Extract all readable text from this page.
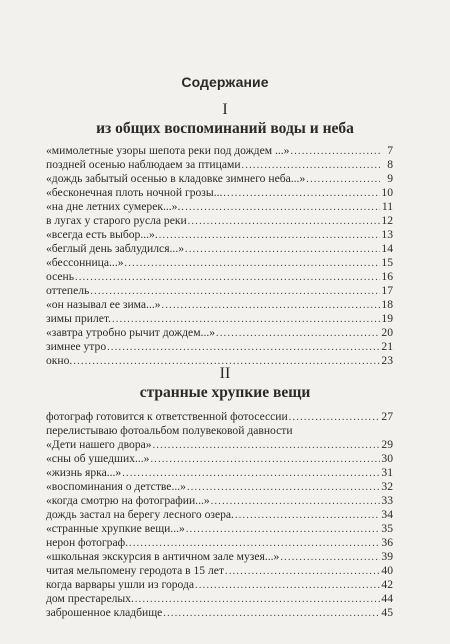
Содержание
I
из общих воспоминаний воды и неба
«мимолетные узоры шепота реки под дождем ...» . . .	7
поздней осенью наблюдаем за птицами . . .	8
«дождь забытый осенью в кладовке зимнего неба...» . . .	9
«бесконечная плоть ночной грозы... . . .	10
«на дне летних сумерек...». . . .	11
в лугах у старого русла реки . . .	12
«всегда есть выбор...». . . .	13
«беглый день заблудился...» . . .	14
«бессонница...» . . .	15
осень . . .	16
оттепель . . .	17
«он называл ее зима...» . . .	18
зимы прилет. . . .	19
«завтра утробно рычит дождем...» . . .	20
зимнее утро . . .	21
окно. . . .	23
II
странные хрупкие вещи
фотограф готовится к ответственной фотосессии . . .	27
перелистываю фотоальбом полувековой давности
«Дети нашего двора» . . .	29
«сны об ушедших...» . . .	30
«жизнь ярка...» . . .	31
«воспоминания о детстве...» . . .	32
«когда смотрю на фотографии...» . . .	33
дождь застал на берегу лесного озера. . . .	34
«странные хрупкие вещи...» . . .	35
нерон фотограф. . . .	36
«школьная экскурсия в античном зале музея...» . . .	39
читая мельпомену геродота в 15 лет . . .	40
когда варвары ушли из города . . .	42
дом престарелых. . . .	44
заброшенное кладбище . . .	45
